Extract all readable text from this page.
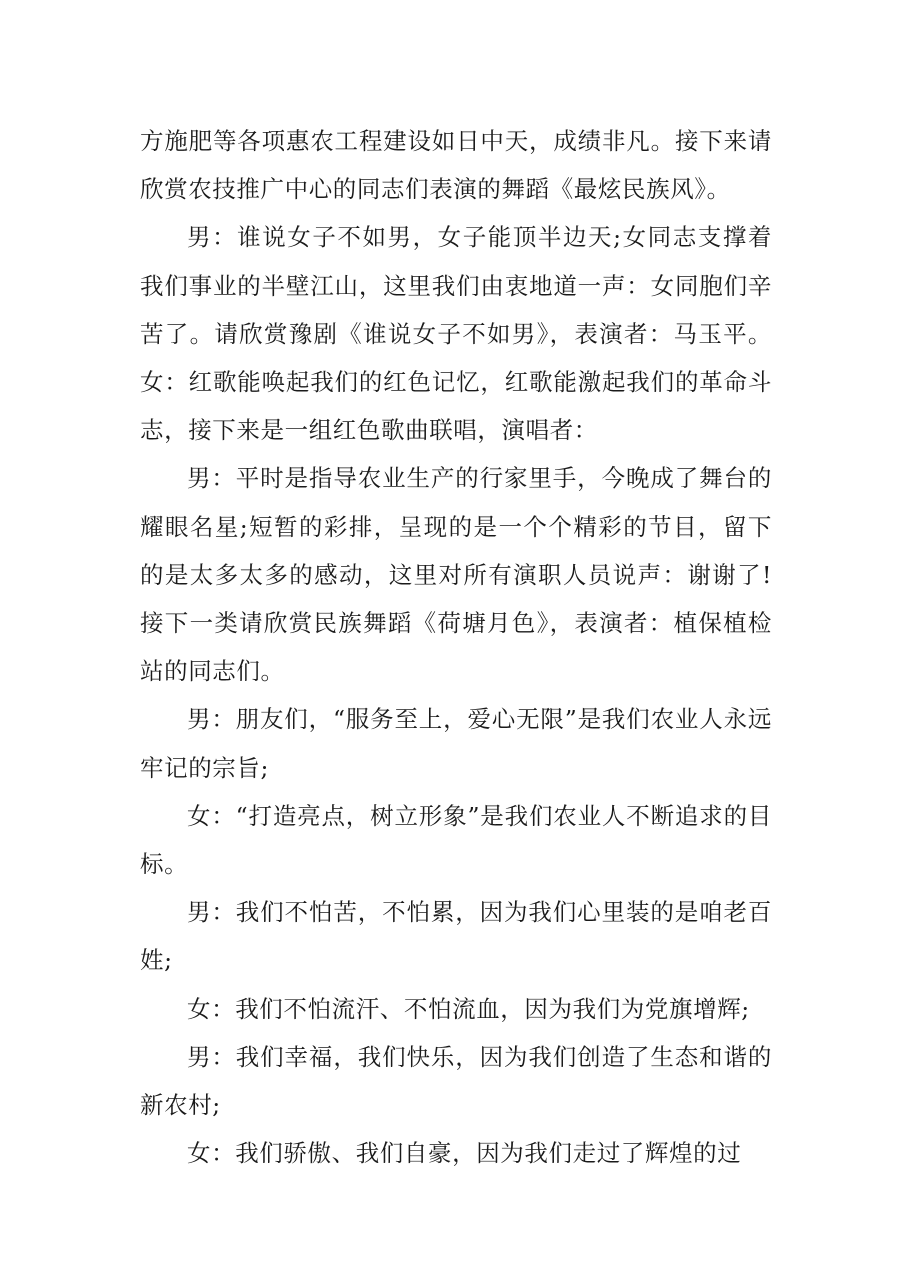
方施肥等各项惠农工程建设如日中天，成绩非凡。接下来请欣赏农技推广中心的同志们表演的舞蹈《最炫民族风》。

男：谁说女子不如男，女子能顶半边天;女同志支撑着我们事业的半壁江山，这里我们由衷地道一声：女同胞们辛苦了。请欣赏豫剧《谁说女子不如男》，表演者：马玉平。女：红歌能唤起我们的红色记忆，红歌能激起我们的革命斗志，接下来是一组红色歌曲联唱，演唱者：

男：平时是指导农业生产的行家里手，今晚成了舞台的耀眼名星;短暂的彩排，呈现的是一个个精彩的节目，留下的是太多太多的感动，这里对所有演职人员说声：谢谢了!接下一类请欣赏民族舞蹈《荷塘月色》，表演者：植保植检站的同志们。

男：朋友们，“服务至上，爱心无限”是我们农业人永远牢记的宗旨;

女：“打造亮点，树立形象”是我们农业人不断追求的目标。

男：我们不怕苦，不怕累，因为我们心里装的是咱老百姓;

女：我们不怕流汗、不怕流血，因为我们为党旗增辉;

男：我们幸福，我们快乐，因为我们创造了生态和谐的新农村;

女：我们骄傲、我们自豪，因为我们走过了辉煌的过
